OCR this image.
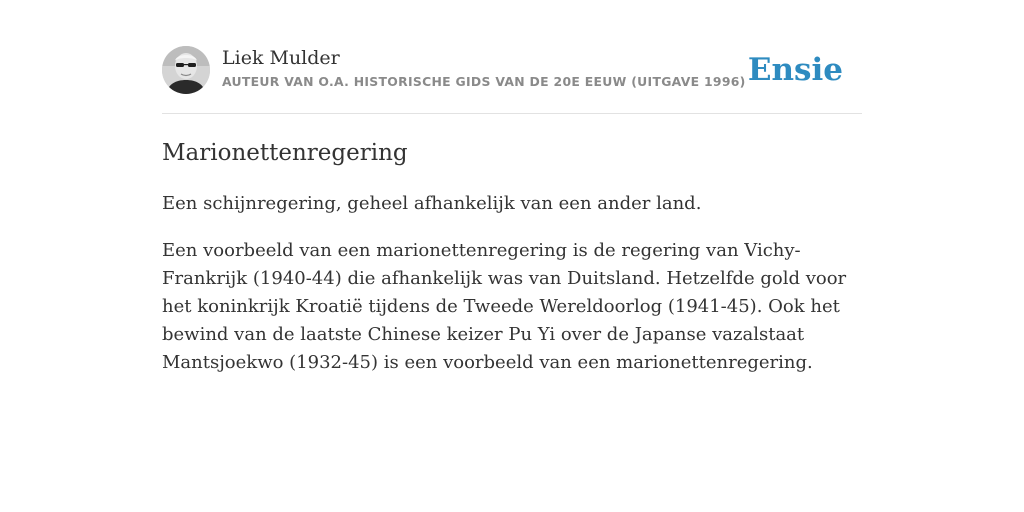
Liek Mulder
AUTEUR VAN O.A. HISTORISCHE GIDS VAN DE 20E EEUW (UITGAVE 1996) Ensie
Marionettenregering

Een schijnregering, geheel afhankelijk van een ander land.

Een voorbeeld van een marionettenregering is de regering van Vichy-Frankrijk (1940-44) die afhankelijk was van Duitsland. Hetzelfde gold voor het koninkrijk Kroatië tijdens de Tweede Wereldoorlog (1941-45). Ook het bewind van de laatste Chinese keizer Pu Yi over de Japanse vazalstaat Mantsjoekwo (1932-45) is een voorbeeld van een marionettenregering.
